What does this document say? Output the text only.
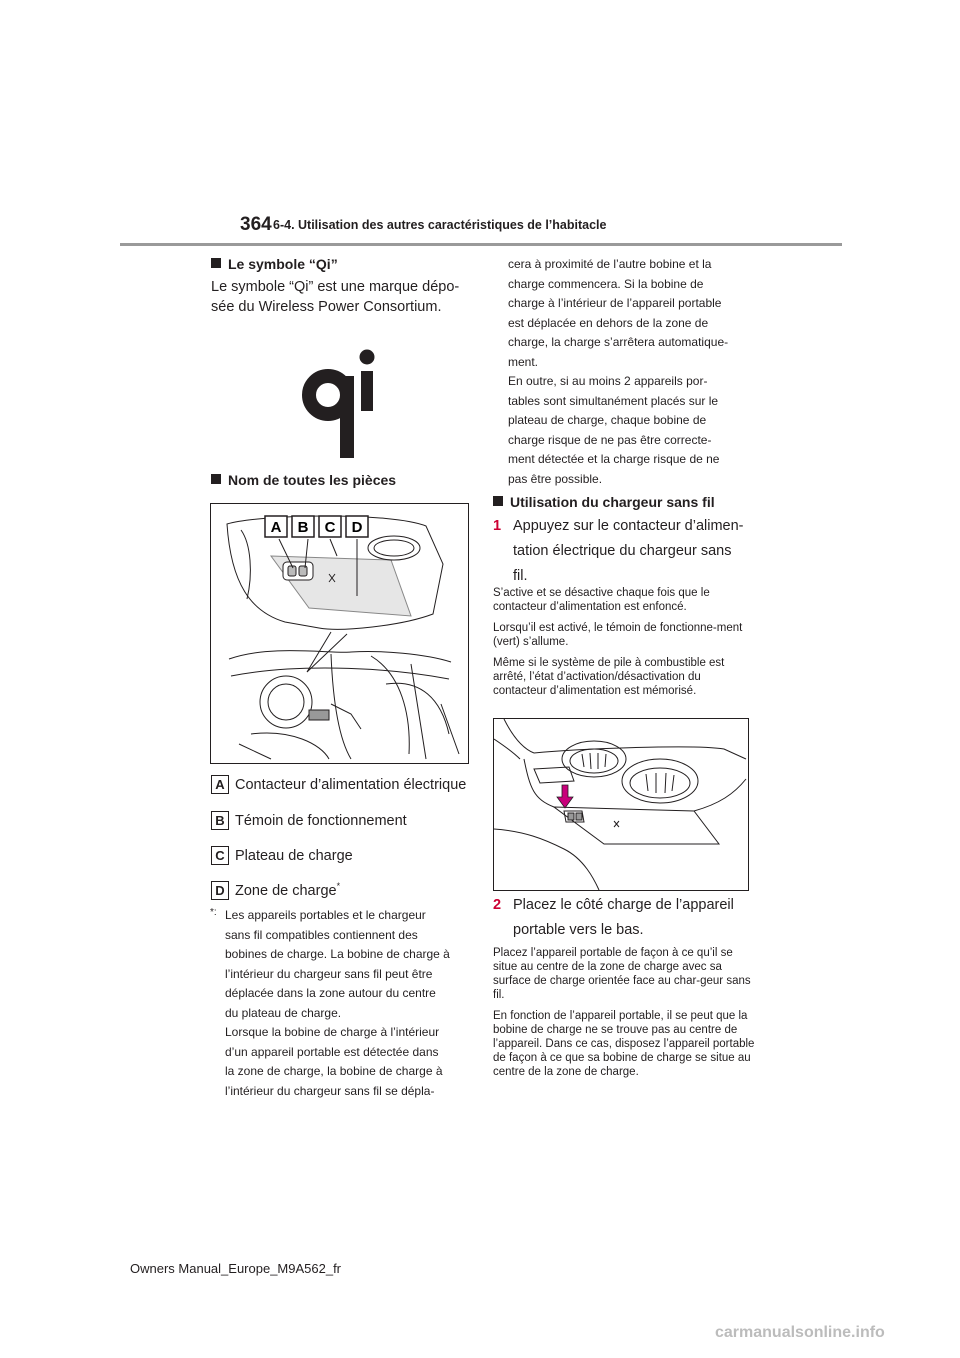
364 6-4. Utilisation des autres caractéristiques de l’habitacle
Le symbole “Qi”
Le symbole “Qi” est une marque dépo-
sée du Wireless Power Consortium.
Nom de toutes les pièces
A B C D
A Contacteur d’alimentation électrique
B Témoin de fonctionnement
C Plateau de charge
D Zone de charge*
*: Les appareils portables et le chargeur
sans fil compatibles contiennent des
bobines de charge. La bobine de charge à
l’intérieur du chargeur sans fil peut être
déplacée dans la zone autour du centre
du plateau de charge.
Lorsque la bobine de charge à l’intérieur
d’un appareil portable est détectée dans
la zone de charge, la bobine de charge à
l’intérieur du chargeur sans fil se dépla-
cera à proximité de l’autre bobine et la
charge commencera. Si la bobine de
charge à l’intérieur de l’appareil portable
est déplacée en dehors de la zone de
charge, la charge s’arrêtera automatique-
ment.
En outre, si au moins 2 appareils por-
tables sont simultanément placés sur le
plateau de charge, chaque bobine de
charge risque de ne pas être correcte-
ment détectée et la charge risque de ne
pas être possible.
Utilisation du chargeur sans fil
1 Appuyez sur le contacteur d’alimen-
tation électrique du chargeur sans
fil.

S’active et se désactive chaque fois que le contacteur d’alimentation est enfoncé.

Lorsqu’il est activé, le témoin de fonctionne-ment (vert) s’allume.

Même si le système de pile à combustible est arrêté, l’état d’activation/désactivation du contacteur d’alimentation est mémorisé.

2 Placez le côté charge de l’appareil
portable vers le bas.

Placez l’appareil portable de façon à ce qu’il se situe au centre de la zone de charge avec sa surface de charge orientée face au char-geur sans fil.

En fonction de l’appareil portable, il se peut que la bobine de charge ne se trouve pas au centre de l’appareil. Dans ce cas, disposez l’appareil portable de façon à ce que sa bobine de charge se situe au centre de la zone de charge.

Owners Manual_Europe_M9A562_fr
carmanualsonline.info
